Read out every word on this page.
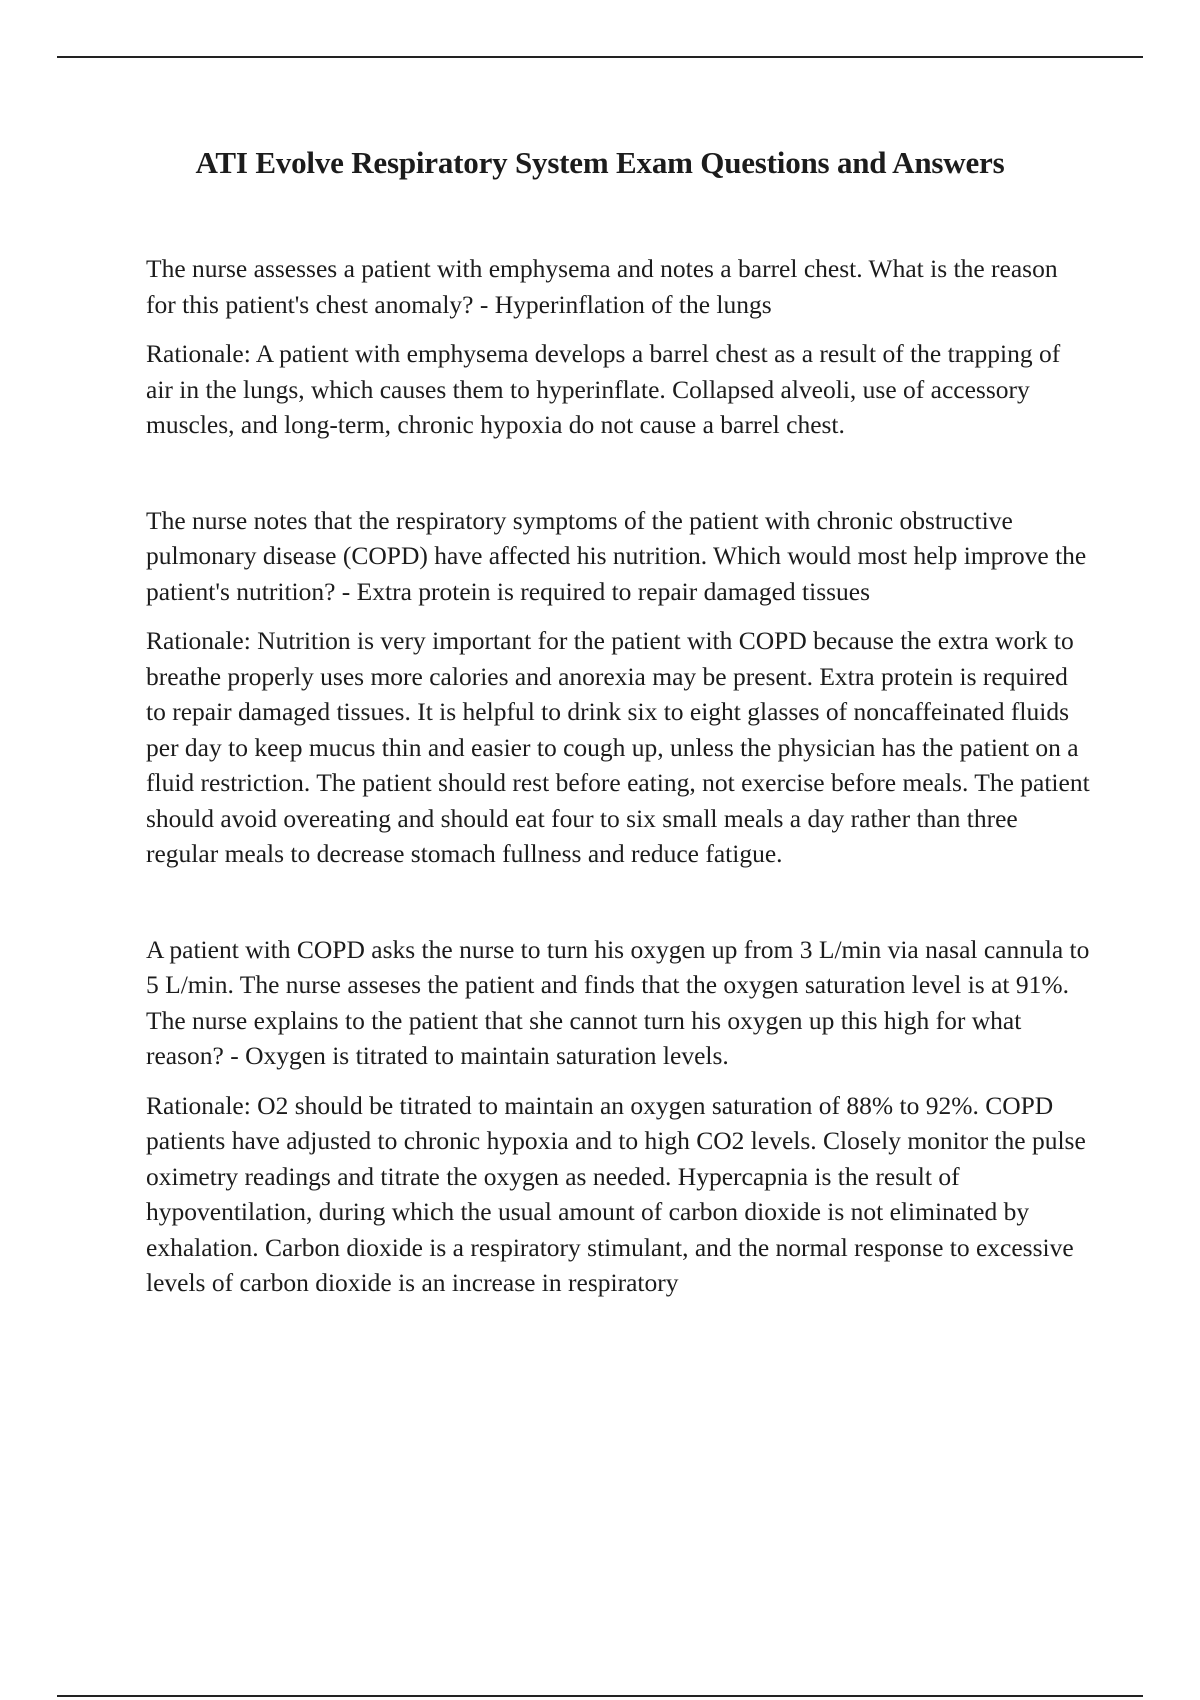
ATI Evolve Respiratory System Exam Questions and Answers

The nurse assesses a patient with emphysema and notes a barrel chest. What is the reason for this patient's chest anomaly? - Hyperinflation of the lungs

Rationale: A patient with emphysema develops a barrel chest as a result of the trapping of air in the lungs, which causes them to hyperinflate. Collapsed alveoli, use of accessory muscles, and long-term, chronic hypoxia do not cause a barrel chest.

The nurse notes that the respiratory symptoms of the patient with chronic obstructive pulmonary disease (COPD) have affected his nutrition. Which would most help improve the patient's nutrition? - Extra protein is required to repair damaged tissues

Rationale: Nutrition is very important for the patient with COPD because the extra work to breathe properly uses more calories and anorexia may be present. Extra protein is required to repair damaged tissues. It is helpful to drink six to eight glasses of noncaffeinated fluids per day to keep mucus thin and easier to cough up, unless the physician has the patient on a fluid restriction. The patient should rest before eating, not exercise before meals. The patient should avoid overeating and should eat four to six small meals a day rather than three regular meals to decrease stomach fullness and reduce fatigue.

A patient with COPD asks the nurse to turn his oxygen up from 3 L/min via nasal cannula to 5 L/min. The nurse asseses the patient and finds that the oxygen saturation level is at 91%. The nurse explains to the patient that she cannot turn his oxygen up this high for what reason? - Oxygen is titrated to maintain saturation levels.

Rationale: O2 should be titrated to maintain an oxygen saturation of 88% to 92%. COPD patients have adjusted to chronic hypoxia and to high CO2 levels. Closely monitor the pulse oximetry readings and titrate the oxygen as needed. Hypercapnia is the result of hypoventilation, during which the usual amount of carbon dioxide is not eliminated by exhalation. Carbon dioxide is a respiratory stimulant, and the normal response to excessive levels of carbon dioxide is an increase in respiratory
